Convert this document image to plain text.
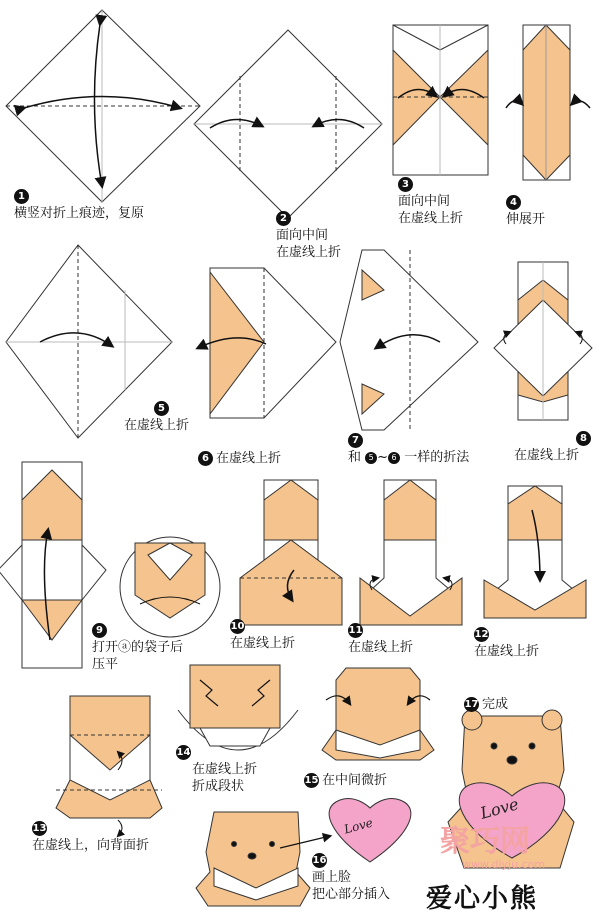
1
横竖对折上痕迹，复原	2
面向中间
在虚线上折
3
面向中间
在虚线上折
4
伸展开
5
在虚线上折
6 在虚线上折
7
和 5 ~ 6 一样的折法
8
在虚线上折
9
打开ⓐ的袋子后
压平
10
在虚线上折
11
在虚线上折
12
在虚线上折
13
在虚线上，向背面折
14
在虚线上折
折成段状	15 在中间微折
16
画上脸
把心部分插入
17 完成
Love
Love
聚巧网
www.diyju.com
爱心小熊
